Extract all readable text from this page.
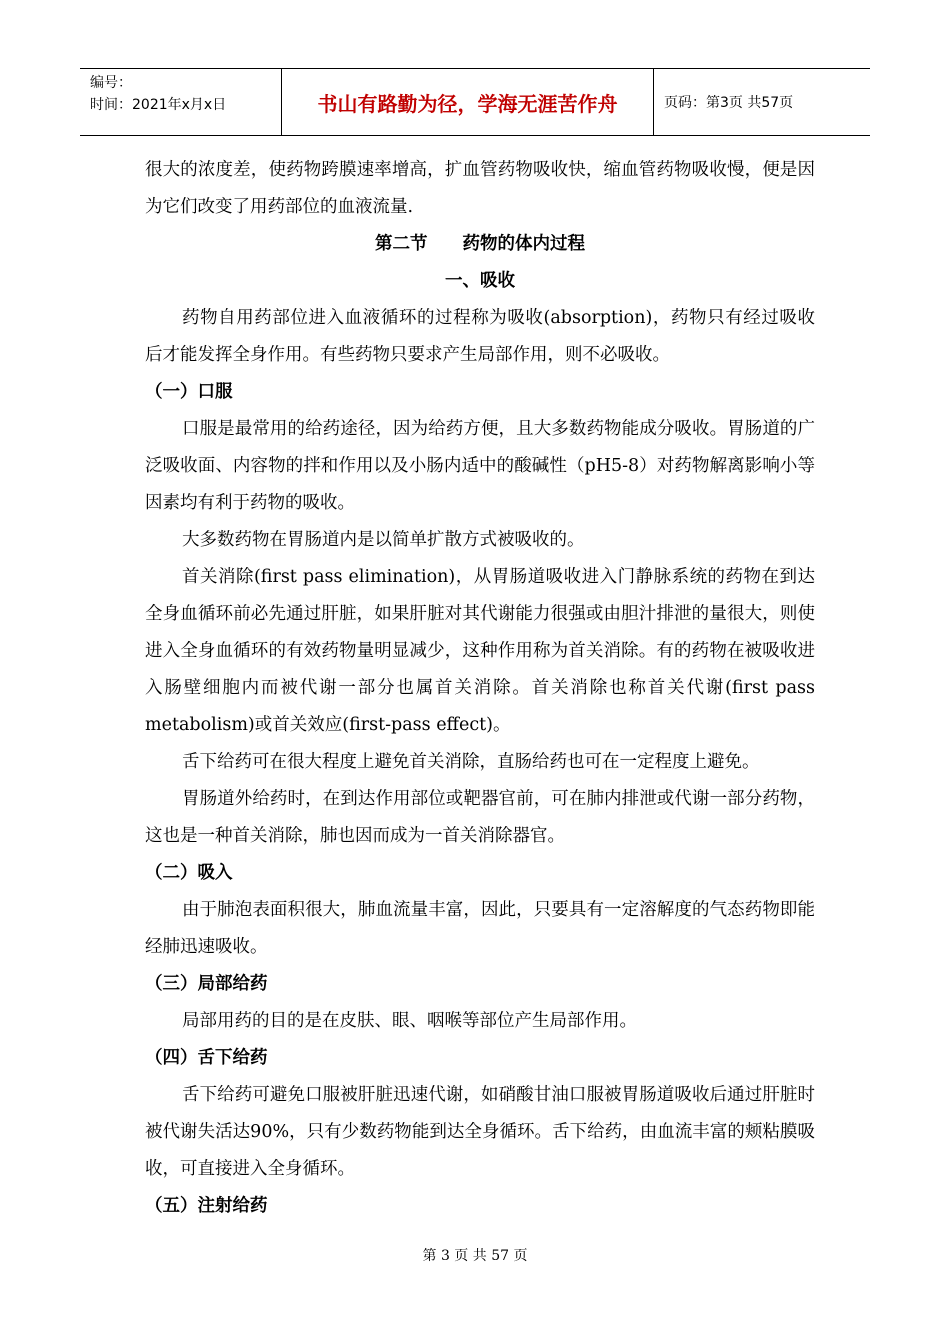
编号：
时间：2021年x月x日	书山有路勤为径，学海无涯苦作舟	页码：第3页 共57页

很大的浓度差，使药物跨膜速率增高，扩血管药物吸收快，缩血管药物吸收慢，便是因为它们改变了用药部位的血液流量.

第二节　　药物的体内过程

一、吸收

药物自用药部位进入血液循环的过程称为吸收(absorption)，药物只有经过吸收后才能发挥全身作用。有些药物只要求产生局部作用，则不必吸收。

（一）口服

口服是最常用的给药途径，因为给药方便，且大多数药物能成分吸收。胃肠道的广泛吸收面、内容物的拌和作用以及小肠内适中的酸碱性（pH5-8）对药物解离影响小等因素均有利于药物的吸收。

大多数药物在胃肠道内是以简单扩散方式被吸收的。

首关消除(first pass elimination)，从胃肠道吸收进入门静脉系统的药物在到达全身血循环前必先通过肝脏，如果肝脏对其代谢能力很强或由胆汁排泄的量很大，则使进入全身血循环的有效药物量明显减少，这种作用称为首关消除。有的药物在被吸收进入肠壁细胞内而被代谢一部分也属首关消除。首关消除也称首关代谢(first pass metabolism)或首关效应(first-pass effect)。

舌下给药可在很大程度上避免首关消除，直肠给药也可在一定程度上避免。

胃肠道外给药时，在到达作用部位或靶器官前，可在肺内排泄或代谢一部分药物，这也是一种首关消除，肺也因而成为一首关消除器官。

（二）吸入

由于肺泡表面积很大，肺血流量丰富，因此，只要具有一定溶解度的气态药物即能经肺迅速吸收。

（三）局部给药

局部用药的目的是在皮肤、眼、咽喉等部位产生局部作用。

（四）舌下给药

舌下给药可避免口服被肝脏迅速代谢，如硝酸甘油口服被胃肠道吸收后通过肝脏时被代谢失活达90%，只有少数药物能到达全身循环。舌下给药，由血流丰富的颊粘膜吸收，可直接进入全身循环。

（五）注射给药

第 3 页 共 57 页
